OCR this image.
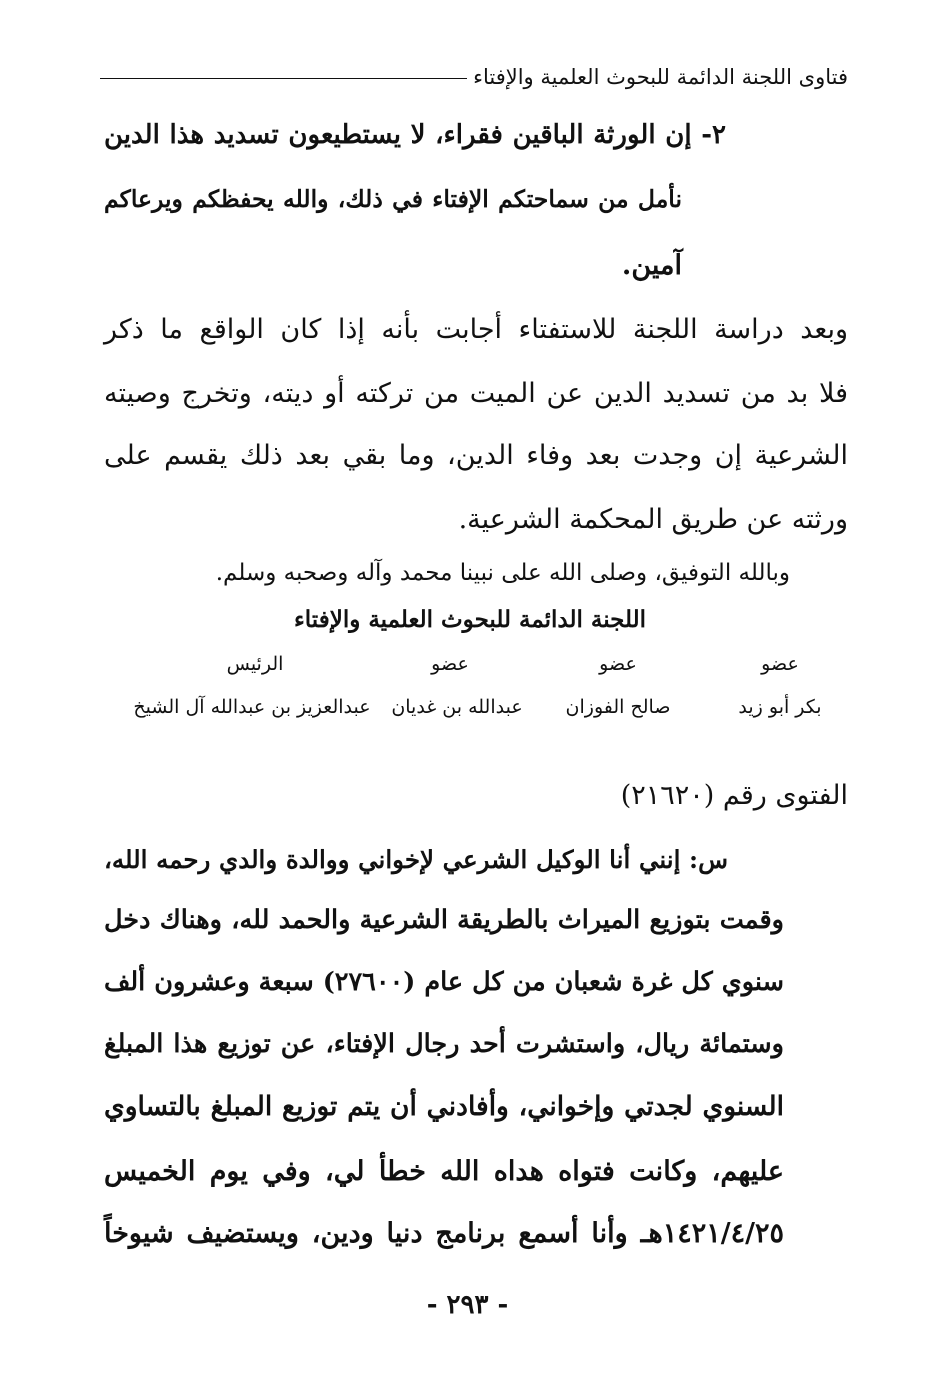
فتاوى اللجنة الدائمة للبحوث العلمية والإفتاء
٢- إن الورثة الباقين فقراء، لا يستطيعون تسديد هذا الدين
نأمل من سماحتكم الإفتاء في ذلك، والله يحفظكم ويرعاكم
آمين.
وبعد دراسة اللجنة للاستفتاء أجابت بأنه إذا كان الواقع ما ذكر
فلا بد من تسديد الدين عن الميت من تركته أو ديته، وتخرج وصيته
الشرعية إن وجدت بعد وفاء الدين، وما بقي بعد ذلك يقسم على
ورثته عن طريق المحكمة الشرعية.
وبالله التوفيق، وصلى الله على نبينا محمد وآله وصحبه وسلم.
اللجنة الدائمة للبحوث العلمية والإفتاء
عضو
عضو
عضو
الرئيس
بكر أبو زيد
صالح الفوزان
عبدالله بن غديان
عبدالعزيز بن عبدالله آل الشيخ
الفتوى رقم (٢١٦٢٠)
س: إنني أنا الوكيل الشرعي لإخواني ووالدة والدي رحمه الله،
وقمت بتوزيع الميراث بالطريقة الشرعية والحمد لله، وهناك دخل
سنوي كل غرة شعبان من كل عام (٢٧٦٠٠) سبعة وعشرون ألف
وستمائة ريال، واستشرت أحد رجال الإفتاء، عن توزيع هذا المبلغ
السنوي لجدتي وإخواني، وأفادني أن يتم توزيع المبلغ بالتساوي
عليهم، وكانت فتواه هداه الله خطأ لي، وفي يوم الخميس
١٤٢١/٤/٢٥هـ وأنا أسمع برنامج دنيا ودين، ويستضيف شيوخاً
- ٢٩٣ -
